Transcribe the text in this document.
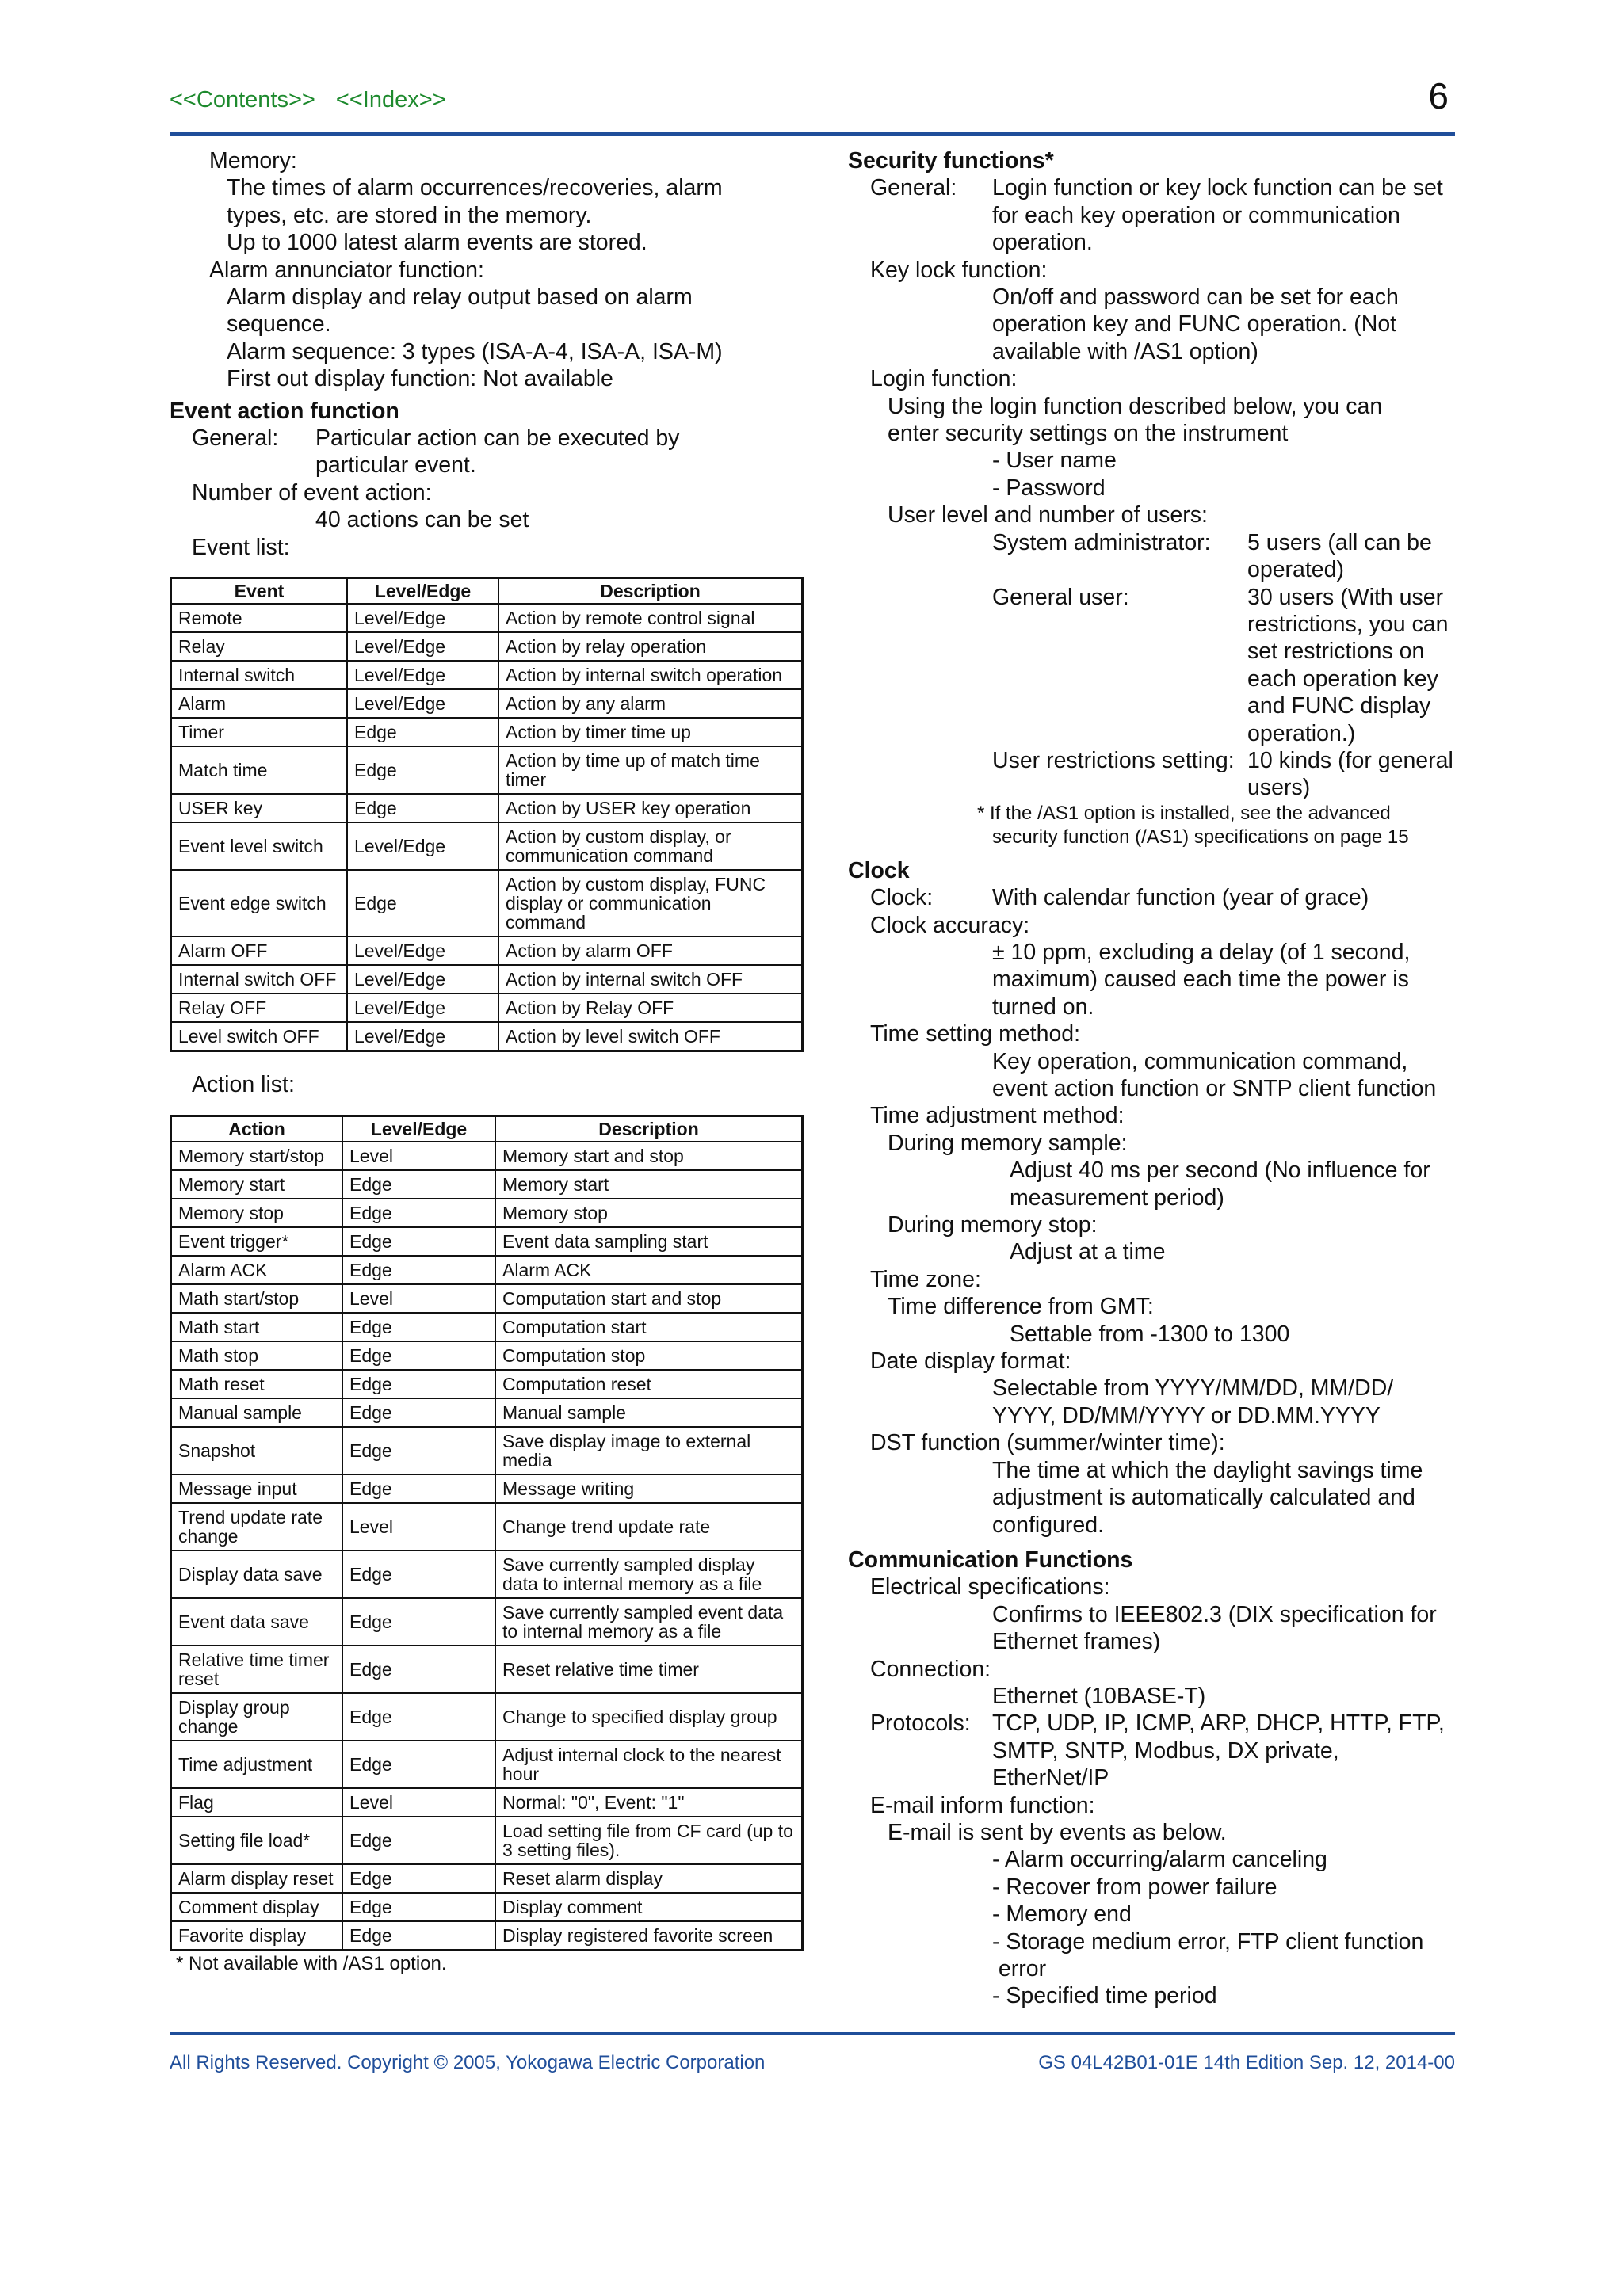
<<Contents>> <<Index>>	6

Memory:

The times of alarm occurrences/recoveries, alarm

types, etc. are stored in the memory.

Up to 1000 latest alarm events are stored.

Alarm annunciator function:

Alarm display and relay output based on alarm

sequence.

Alarm sequence: 3 types (ISA-A-4, ISA-A, ISA-M)

First out display function: Not available

Event action function

General:	Particular action can be executed by particular event.

Number of event action:

40 actions can be set

Event list:

Event	Level/Edge	Description
Remote	Level/Edge	Action by remote control signal
Relay	Level/Edge	Action by relay operation
Internal switch	Level/Edge	Action by internal switch operation
Alarm	Level/Edge	Action by any alarm
Timer	Edge	Action by timer time up
Match time	Edge	Action by time up of match time timer
USER key	Edge	Action by USER key operation
Event level switch	Level/Edge	Action by custom display, or communication command
Event edge switch	Edge	Action by custom display, FUNC display or communication command
Alarm OFF	Level/Edge	Action by alarm OFF
Internal switch OFF	Level/Edge	Action by internal switch OFF
Relay OFF	Level/Edge	Action by Relay OFF
Level switch OFF	Level/Edge	Action by level switch OFF

Action list:

Action	Level/Edge	Description
Memory start/stop	Level	Memory start and stop
Memory start	Edge	Memory start
Memory stop	Edge	Memory stop
Event trigger*	Edge	Event data sampling start
Alarm ACK	Edge	Alarm ACK
Math start/stop	Level	Computation start and stop
Math start	Edge	Computation start
Math stop	Edge	Computation stop
Math reset	Edge	Computation reset
Manual sample	Edge	Manual sample
Snapshot	Edge	Save display image to external media
Message input	Edge	Message writing
Trend update rate change	Level	Change trend update rate
Display data save	Edge	Save currently sampled display data to internal memory as a file
Event data save	Edge	Save currently sampled event data to internal memory as a file
Relative time timer reset	Edge	Reset relative time timer
Display group change	Edge	Change to specified display group
Time adjustment	Edge	Adjust internal clock to the nearest hour
Flag	Level	Normal: "0", Event: "1"
Setting file load*	Edge	Load setting file from CF card (up to 3 setting files).
Alarm display reset	Edge	Reset alarm display
Comment display	Edge	Display comment
Favorite display	Edge	Display registered favorite screen

* Not available with /AS1 option.

Security functions*

General:	Login function or key lock function can be set for each key operation or communication operation.

Key lock function:

On/off and password can be set for each

operation key and FUNC operation. (Not

available with /AS1 option)

Login function:

Using the login function described below, you can

enter security settings on the instrument

- User name

- Password

User level and number of users:

System administrator:	5 users (all can be operated)
General user:	30 users (With user restrictions, you can set restrictions on each operation key and FUNC display operation.)
User restrictions setting: 10 kinds (for general users)

* If the /AS1 option is installed, see the advanced

security function (/AS1) specifications on page 15

Clock

Clock:	With calendar function (year of grace)

Clock accuracy:

± 10 ppm, excluding a delay (of 1 second,

maximum) caused each time the power is

turned on.

Time setting method:

Key operation, communication command,

event action function or SNTP client function

Time adjustment method:

During memory sample:

Adjust 40 ms per second (No influence for

measurement period)

During memory stop:

Adjust at a time

Time zone:

Time difference from GMT:

Settable from -1300 to 1300

Date display format:

Selectable from YYYY/MM/DD, MM/DD/

YYYY, DD/MM/YYYY or DD.MM.YYYY

DST function (summer/winter time):

The time at which the daylight savings time

adjustment is automatically calculated and

configured.

Communication Functions

Electrical specifications:

Confirms to IEEE802.3 (DIX specification for

Ethernet frames)

Connection:

Ethernet (10BASE-T)

Protocols: TCP, UDP, IP, ICMP, ARP, DHCP, HTTP, FTP, SMTP, SNTP, Modbus, DX private, EtherNet/IP

E-mail inform function:

E-mail is sent by events as below.

- Alarm occurring/alarm canceling

- Recover from power failure

- Memory end

- Storage medium error, FTP client function

error

- Specified time period

All Rights Reserved. Copyright © 2005, Yokogawa Electric Corporation	GS 04L42B01-01E 14th Edition Sep. 12, 2014-00
